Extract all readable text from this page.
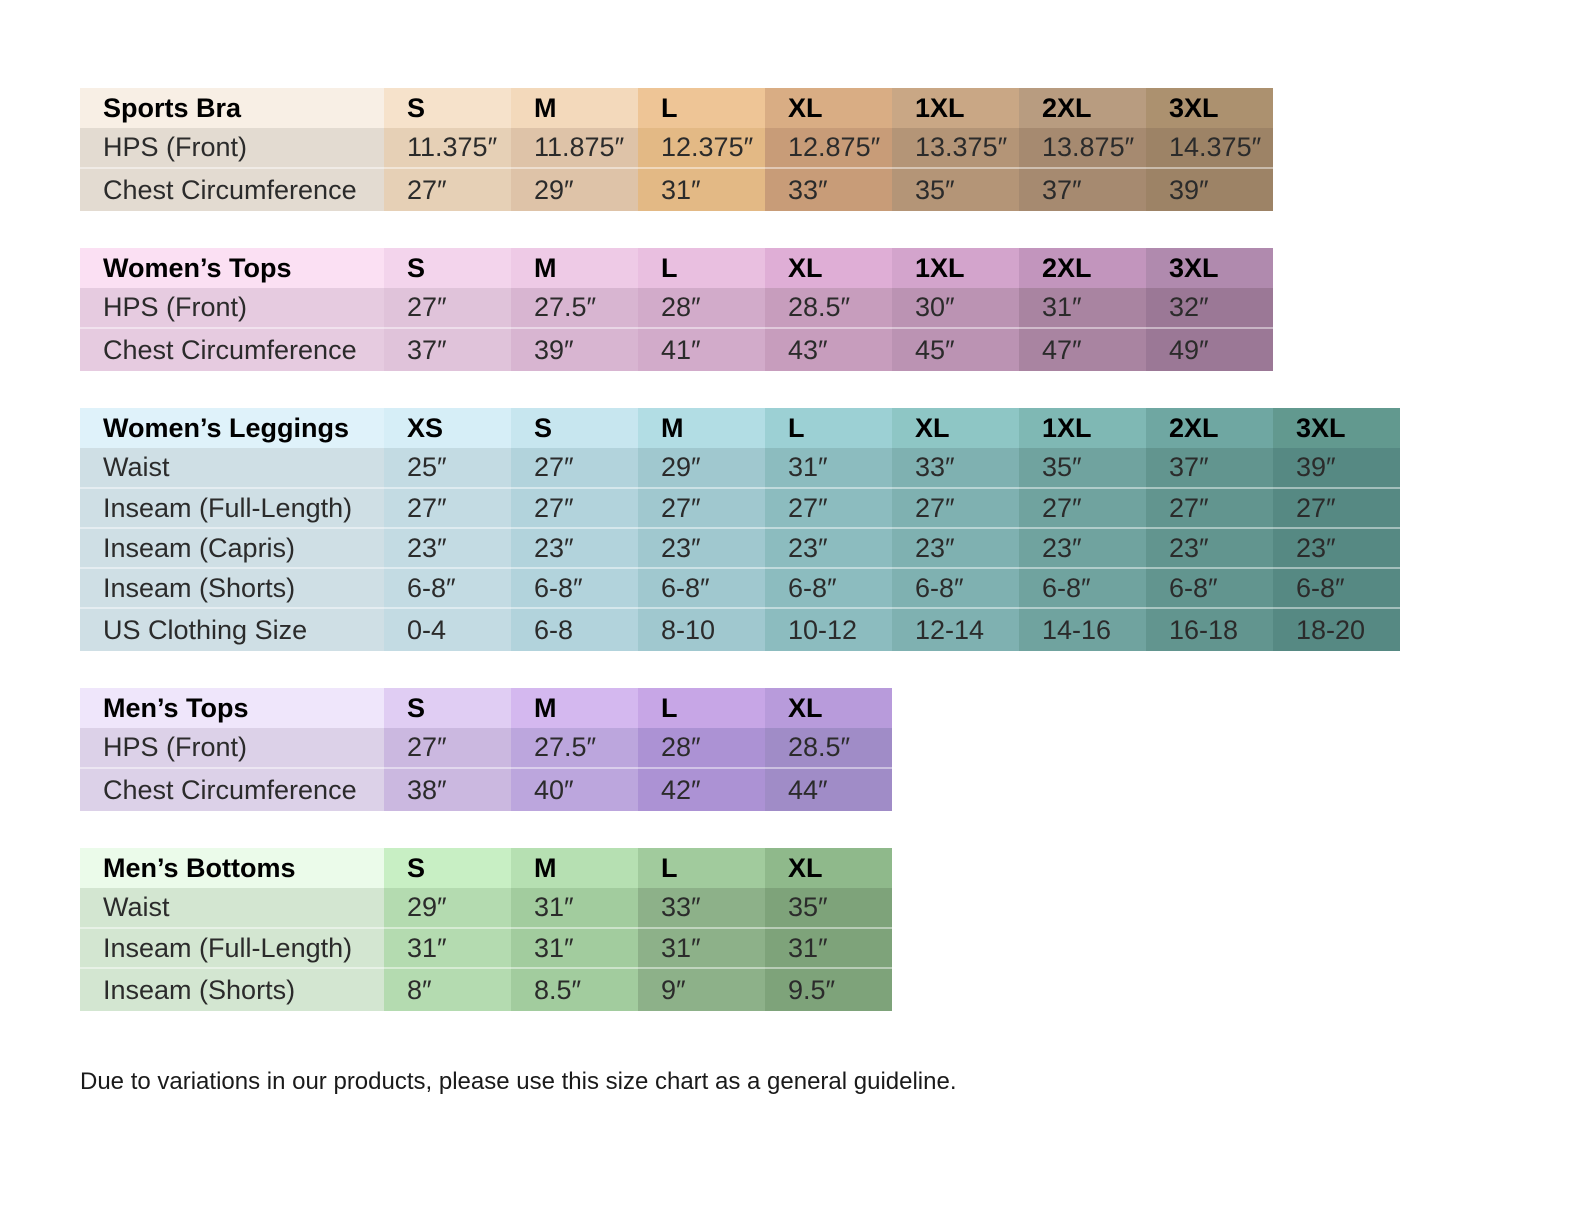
Sports Bra	S	M	L	XL	1XL	2XL	3XL
HPS (Front)	11.375″	11.875″	12.375″	12.875″	13.375″	13.875″	14.375″
Chest Circumference	27″	29″	31″	33″	35″	37″	39″
Women’s Tops	S	M	L	XL	1XL	2XL	3XL
HPS (Front)	27″	27.5″	28″	28.5″	30″	31″	32″
Chest Circumference	37″	39″	41″	43″	45″	47″	49″
Women’s Leggings	XS	S	M	L	XL	1XL	2XL	3XL
Waist	25″	27″	29″	31″	33″	35″	37″	39″
Inseam (Full-Length)	27″	27″	27″	27″	27″	27″	27″	27″
Inseam (Capris)	23″	23″	23″	23″	23″	23″	23″	23″
Inseam (Shorts)	6-8″	6-8″	6-8″	6-8″	6-8″	6-8″	6-8″	6-8″
US Clothing Size	0-4	6-8	8-10	10-12	12-14	14-16	16-18	18-20
Men’s Tops	S	M	L	XL
HPS (Front)	27″	27.5″	28″	28.5″
Chest Circumference	38″	40″	42″	44″
Men’s Bottoms	S	M	L	XL
Waist	29″	31″	33″	35″
Inseam (Full-Length)	31″	31″	31″	31″
Inseam (Shorts)	8″	8.5″	9″	9.5″
Due to variations in our products, please use this size chart as a general guideline.
